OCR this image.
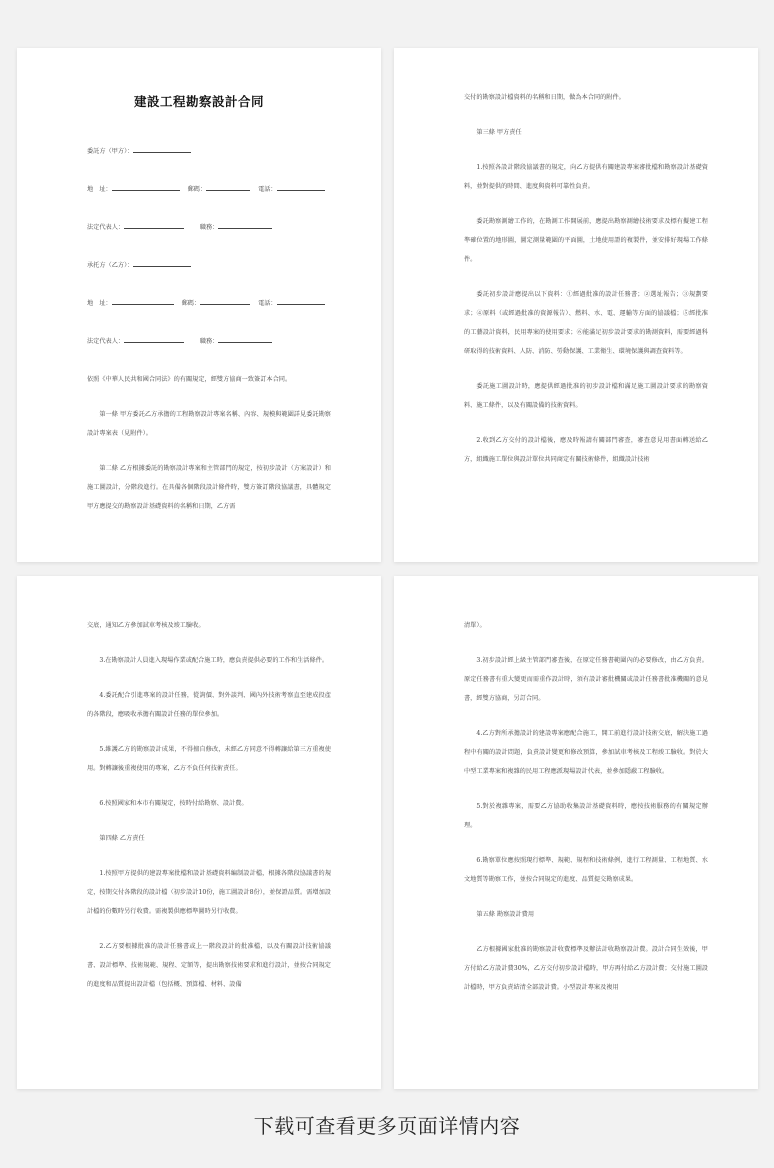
建設工程勘察設計合同
委託方（甲方）：
地　址：	郵碼：	電話：
法定代表人：	職務：
承托方（乙方）：
地　址：	郵碼：	電話：
法定代表人：	職務：

依照《中華人民共和國合同法》的有關規定，經雙方協商一致簽訂本合同。

第一條 甲方委託乙方承擔的工程勘察設計專案名稱、內容、規模與範圍詳見委託勘察設計專案表（見附件）。

第二條 乙方根據委託的勘察設計專案和主管部門的規定，按初步設計（方案設計）和施工圖設計，分階段進行。在具備各個階段設計條件時，雙方簽訂階段協議書，具體規定甲方應提交的勘察設計基礎資料的名稱和日期，乙方需

交付的勘察設計檔資料的名稱和日期，做為本合同的附件。

第三條 甲方責任

1.按照各設計階段協議書的規定，向乙方提供有關建設專案審批檔和勘察設計基礎資料，並對提供的時間、進度與資料可靠性負責。

委託勘察測繪工作的，在勘測工作開展前，應提出勘察測繪技術要求及標有擬建工程準確位置的地形圖，圖定測量範圍的平面圖，土地使用證的複製件，並安排好現場工作條件。

委託初步設計應提出以下資料：①經過批准的設計任務書；②選址報告；③規劃要求；④原料（或經過批准的資源報告）、燃料、水、電、運輸等方面的協議檔；⑤經批准的工藝設計資料，民用專案的使用要求；⑥能滿足初步設計要求的勘測資料，需要經過科研取得的技術資料、人防、消防、勞動保護、工業衛生、環境保護與調查資料等。

委託施工圖設計時，應提供經過批准的初步設計檔和滿足施工圖設計要求的勘察資料、施工條件，以及有關設備的技術資料。

2.收到乙方交付的設計檔後，應及時報請有關部門審查，審查意見用書面轉送給乙方，組織施工單位與設計單位共同商定有關技術條件，組織設計技術

交底，通知乙方參加試車考核及竣工驗收。

3.在勘察設計人員進入現場作業或配合施工時，應負責提供必要的工作和生活條件。

4.委託配合引進專案的設計任務，從詢價、對外談判、國內外技術考察直至建成投產的各階段，應吸收承擔有關設計任務的單位參加。

5.維護乙方的勘察設計成果，不得擅自修改，未經乙方同意不得轉讓給第三方重複使用。對轉讓後重複使用的專案，乙方不負任何技術責任。

6.按照國家和本市有關規定，按時付給勘察、設計費。

第四條 乙方責任

1.按照甲方提供的建設專案批檔和設計基礎資料編制設計檔，根據各階段協議書的規定，按期交付各階段的設計檔（初步設計10份，施工圖設計8份），並保證品質。需增加設計檔的份數時另行收費。需複製供應標準圖時另行收費。

2.乙方要根據批准的設計任務書或上一階段設計的批准檔，以及有關設計技術協議書、設計標準、技術規範、規程、定額等，提出勘察技術要求和進行設計，並按合同規定的進度和品質提出設計檔（包括概、預算檔、材料、設備

清單）。

3.初步設計經上級主管部門審查後，在原定任務書範圍內的必要修改，由乙方負責。原定任務書有重大變更而需重作設計時，須有設計審批機關或設計任務書批准機關的意見書，經雙方協商，另訂合同。

4.乙方對所承擔設計的建設專案應配合施工，開工前進行設計技術交底，解決施工過程中有關的設計問題，負責設計變更和修改預算，參加試車考核及工程竣工驗收。對於大中型工業專案和複雜的民用工程應派現場設計代表，並參加隱蔽工程驗收。

5.對於複雜專案，需要乙方協助收集設計基礎資料時，應按技術服務的有關規定辦理。

6.勘察單位應按照現行標準、規範、規程和技術條例，進行工程測量、工程地質、水文地質等勘察工作，並按合同規定的進度、品質提交勘察成果。

第五條 勘察設計費用

乙方根據國家批准的勘察設計收費標準及辦法計收勘察設計費。設計合同生效後，甲方付給乙方設計費30%，乙方交付初步設計檔時，甲方再付給乙方設計費；交付施工圖設計檔時，甲方負責結清全部設計費。小型設計專案及複用

下载可查看更多页面详情内容
